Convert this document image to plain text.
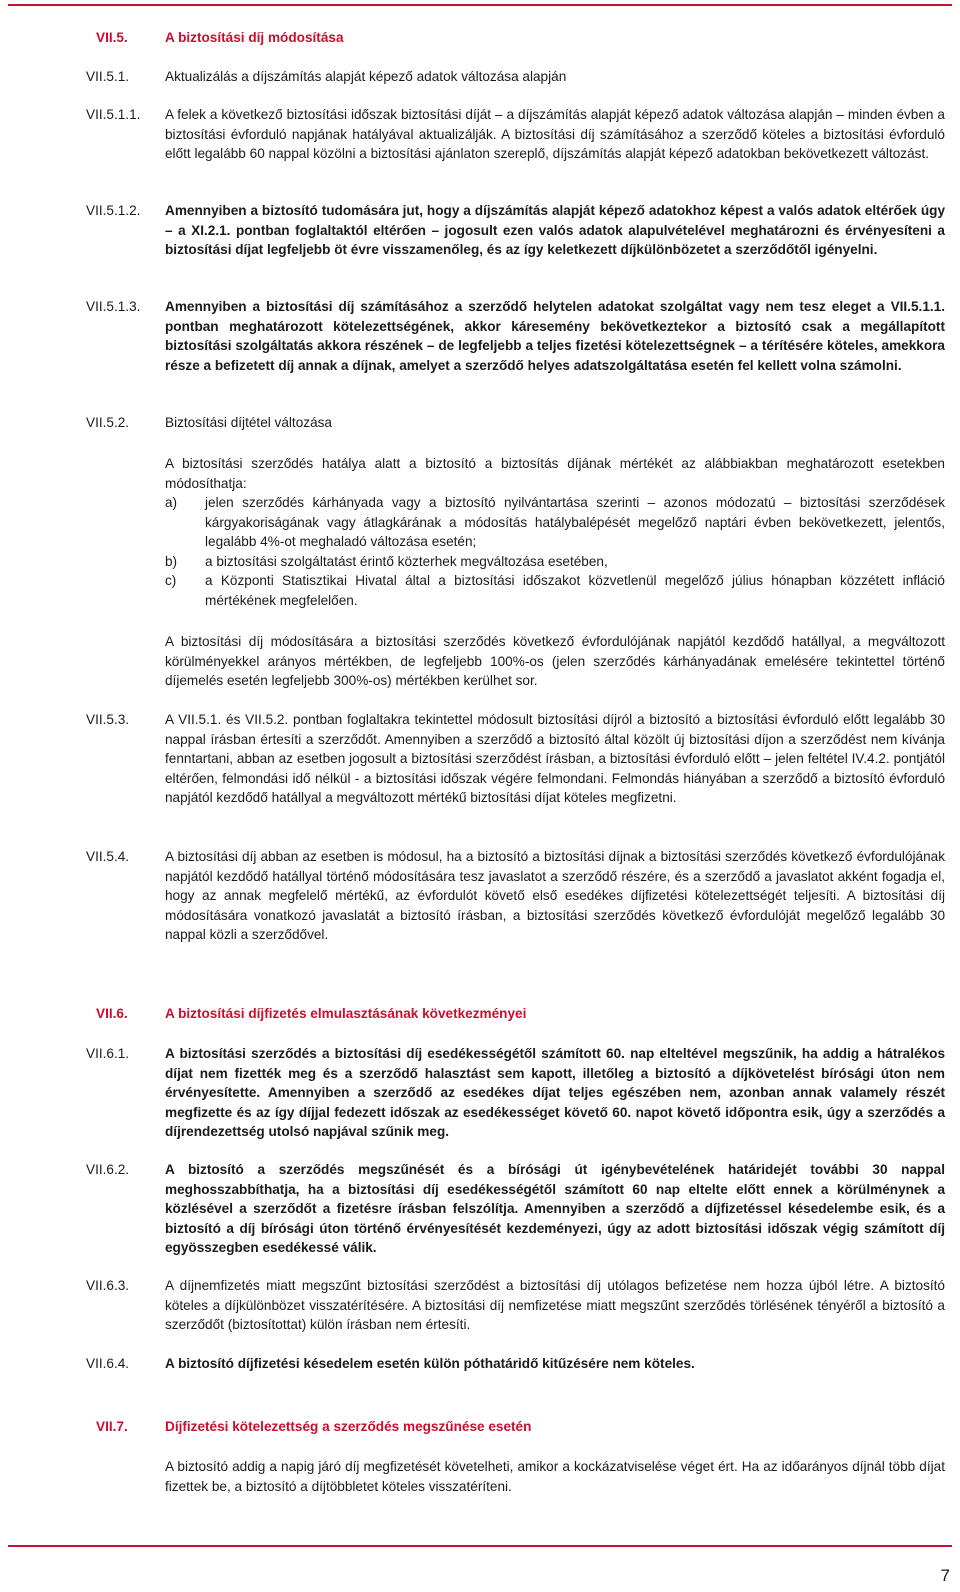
VII.5.	A biztosítási díj módosítása
VII.5.1.	Aktualizálás a díjszámítás alapját képező adatok változása alapján
VII.5.1.1.	A felek a következő biztosítási időszak biztosítási díját – a díjszámítás alapját képező adatok változása alapján – minden évben a biztosítási évforduló napjának hatályával aktualizálják. A biztosítási díj számításához a szerződő köteles a biztosítási évforduló előtt legalább 60 nappal közölni a biztosítási ajánlaton szereplő, díjszámítás alapját képező adatokban bekövetkezett változást.

VII.5.1.2.	Amennyiben a biztosító tudomására jut, hogy a díjszámítás alapját képező adatokhoz képest a valós adatok eltérőek úgy – a XI.2.1. pontban foglaltaktól eltérően – jogosult ezen valós adatok alapulvételével meghatározni és érvényesíteni a biztosítási díjat legfeljebb öt évre visszamenőleg, és az így keletkezett díjkülönbözetet a szerződőtől igényelni.

VII.5.1.3.	Amennyiben a biztosítási díj számításához a szerződő helytelen adatokat szolgáltat vagy nem tesz eleget a VII.5.1.1. pontban meghatározott kötelezettségének, akkor káresemény bekövetkeztekor a biztosító csak a megállapított biztosítási szolgáltatás akkora részének – de legfeljebb a teljes fizetési kötelezettségnek – a térítésére köteles, amekkora része a befizetett díj annak a díjnak, amelyet a szerződő helyes adatszolgáltatása esetén fel kellett volna számolni.

VII.5.2.	Biztosítási díjtétel változása

A biztosítási szerződés hatálya alatt a biztosító a biztosítás díjának mértékét az alábbiakban meghatározott esetekben módosíthatja:

a) jelen szerződés kárhányada vagy a biztosító nyilvántartása szerinti – azonos módozatú – biztosítási szerződések kárgyakoriságának vagy átlagkárának a módosítás hatálybalépését megelőző naptári évben bekövetkezett, jelentős, legalább 4%-ot meghaladó változása esetén;
b) a biztosítási szolgáltatást érintő közterhek megváltozása esetében,
c) a Központi Statisztikai Hivatal által a biztosítási időszakot közvetlenül megelőző július hónapban közzétett infláció mértékének megfelelően.

A biztosítási díj módosítására a biztosítási szerződés következő évfordulójának napjától kezdődő hatállyal, a megváltozott körülményekkel arányos mértékben, de legfeljebb 100%-os (jelen szerződés kárhányadának emelésére tekintettel történő díjemelés esetén legfeljebb 300%-os) mértékben kerülhet sor.

VII.5.3.	A VII.5.1. és VII.5.2. pontban foglaltakra tekintettel módosult biztosítási díjról a biztosító a biztosítási évforduló előtt legalább 30 nappal írásban értesíti a szerződőt. Amennyiben a szerződő a biztosító által közölt új biztosítási díjon a szerződést nem kívánja fenntartani, abban az esetben jogosult a biztosítási szerződést írásban, a biztosítási évforduló előtt – jelen feltétel IV.4.2. pontjától eltérően, felmondási idő nélkül - a biztosítási időszak végére felmondani. Felmondás hiányában a szerződő a biztosító évforduló napjától kezdődő hatállyal a megváltozott mértékű biztosítási díjat köteles megfizetni.

VII.5.4.	A biztosítási díj abban az esetben is módosul, ha a biztosító a biztosítási díjnak a biztosítási szerződés következő évfordulójának napjától kezdődő hatállyal történő módosítására tesz javaslatot a szerződő részére, és a szerződő a javaslatot akként fogadja el, hogy az annak megfelelő mértékű, az évfordulót követő első esedékes díjfizetési kötelezettségét teljesíti. A biztosítási díj módosítására vonatkozó javaslatát a biztosító írásban, a biztosítási szerződés következő évfordulóját megelőző legalább 30 nappal közli a szerződővel.

VII.6.	A biztosítási díjfizetés elmulasztásának következményei
VII.6.1.	A biztosítási szerződés a biztosítási díj esedékességétől számított 60. nap elteltével megszűnik, ha addig a hátralékos díjat nem fizették meg és a szerződő halasztást sem kapott, illetőleg a biztosító a díjkövetelést bírósági úton nem érvényesítette. Amennyiben a szerződő az esedékes díjat teljes egészében nem, azonban annak valamely részét megfizette és az így díjjal fedezett időszak az esedékességet követő 60. napot követő időpontra esik, úgy a szerződés a díjrendezettség utolsó napjával szűnik meg.

VII.6.2.	A biztosító a szerződés megszűnését és a bírósági út igénybevételének határidejét további 30 nappal meghosszabbíthatja, ha a biztosítási díj esedékességétől számított 60 nap eltelte előtt ennek a körülménynek a közlésével a szerződőt a fizetésre írásban felszólítja. Amennyiben a szerződő a díjfizetéssel késedelembe esik, és a biztosító a díj bírósági úton történő érvényesítését kezdeményezi, úgy az adott biztosítási időszak végig számított díj egyösszegben esedékessé válik.

VII.6.3.	A díjnemfizetés miatt megszűnt biztosítási szerződést a biztosítási díj utólagos befizetése nem hozza újból létre. A biztosító köteles a díjkülönbözet visszatérítésére. A biztosítási díj nemfizetése miatt megszűnt szerződés törlésének tényéről a biztosító a szerződőt (biztosítottat) külön írásban nem értesíti.

VII.6.4.	A biztosító díjfizetési késedelem esetén külön póthatáridő kitűzésére nem köteles.

VII.7.	Díjfizetési kötelezettség a szerződés megszűnése esetén

A biztosító addig a napig járó díj megfizetését követelheti, amikor a kockázatviselése véget ért. Ha az időarányos díjnál több díjat fizettek be, a biztosító a díjtöbbletet köteles visszatéríteni.

7
